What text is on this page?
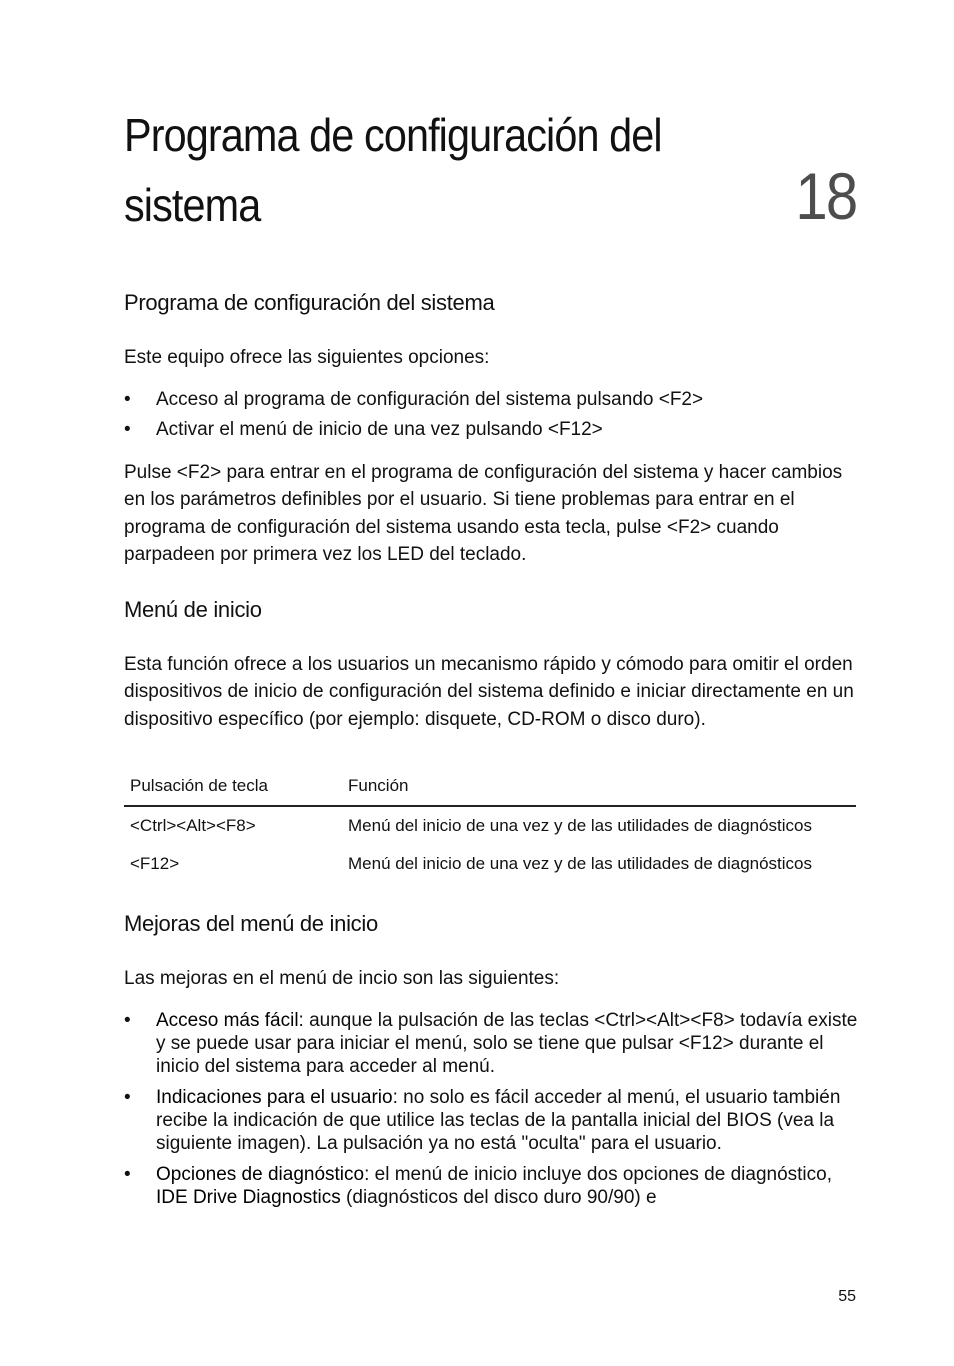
Programa de configuración del sistema	18
Programa de configuración del sistema

Este equipo ofrece las siguientes opciones:

• Acceso al programa de configuración del sistema pulsando <F2>
• Activar el menú de inicio de una vez pulsando <F12>

Pulse <F2> para entrar en el programa de configuración del sistema y hacer cambios en los parámetros definibles por el usuario. Si tiene problemas para entrar en el programa de configuración del sistema usando esta tecla, pulse <F2> cuando parpadeen por primera vez los LED del teclado.

Menú de inicio

Esta función ofrece a los usuarios un mecanismo rápido y cómodo para omitir el orden dispositivos de inicio de configuración del sistema definido e iniciar directamente en un dispositivo específico (por ejemplo: disquete, CD-ROM o disco duro).

Pulsación de tecla	Función
<Ctrl><Alt><F8>	Menú del inicio de una vez y de las utilidades de diagnósticos
<F12>	Menú del inicio de una vez y de las utilidades de diagnósticos
Mejoras del menú de inicio

Las mejoras en el menú de incio son las siguientes:

• Acceso más fácil: aunque la pulsación de las teclas <Ctrl><Alt><F8> todavía existe y se puede usar para iniciar el menú, solo se tiene que pulsar <F12> durante el inicio del sistema para acceder al menú.
• Indicaciones para el usuario: no solo es fácil acceder al menú, el usuario también recibe la indicación de que utilice las teclas de la pantalla inicial del BIOS (vea la siguiente imagen). La pulsación ya no está "oculta" para el usuario.
• Opciones de diagnóstico: el menú de inicio incluye dos opciones de diagnóstico, IDE Drive Diagnostics (diagnósticos del disco duro 90/90) e
55
